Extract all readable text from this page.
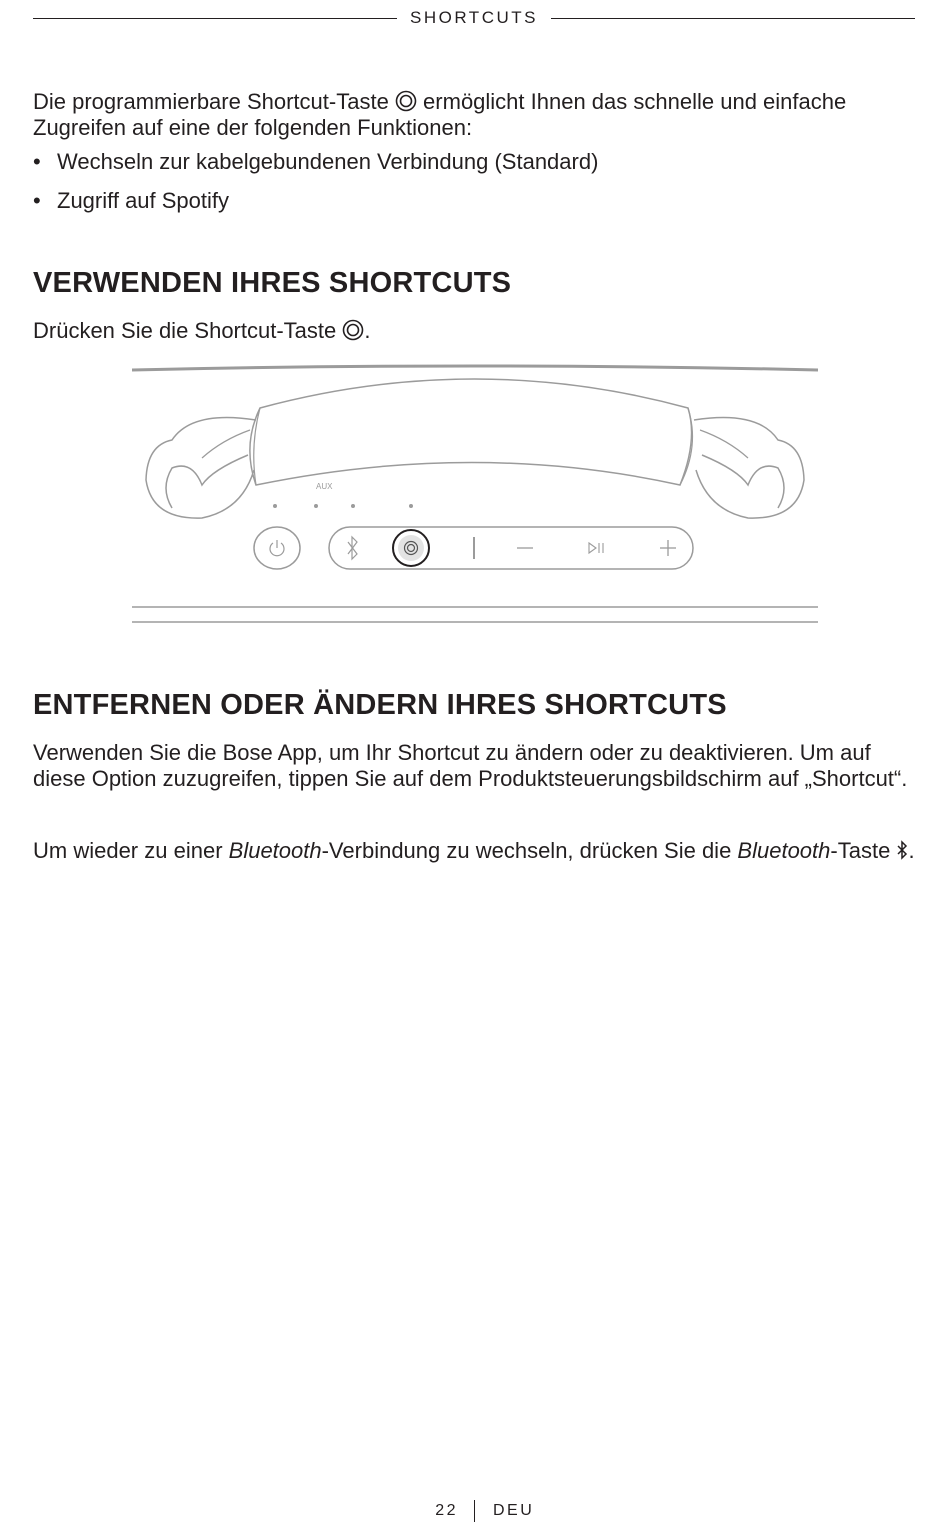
SHORTCUTS

Die programmierbare Shortcut-Taste  ermöglicht Ihnen das schnelle und einfache Zugreifen auf eine der folgenden Funktionen:

• Wechseln zur kabelgebundenen Verbindung (Standard)
• Zugriff auf Spotify
VERWENDEN IHRES SHORTCUTS

Drücken Sie die Shortcut-Taste .

AUX
ENTFERNEN ODER ÄNDERN IHRES SHORTCUTS

Verwenden Sie die Bose App, um Ihr Shortcut zu ändern oder zu deaktivieren. Um auf diese Option zuzugreifen, tippen Sie auf dem Produktsteuerungsbildschirm auf „Shortcut“.

Um wieder zu einer Bluetooth-Verbindung zu wechseln, drücken Sie die Bluetooth-Taste .

22 DEU
